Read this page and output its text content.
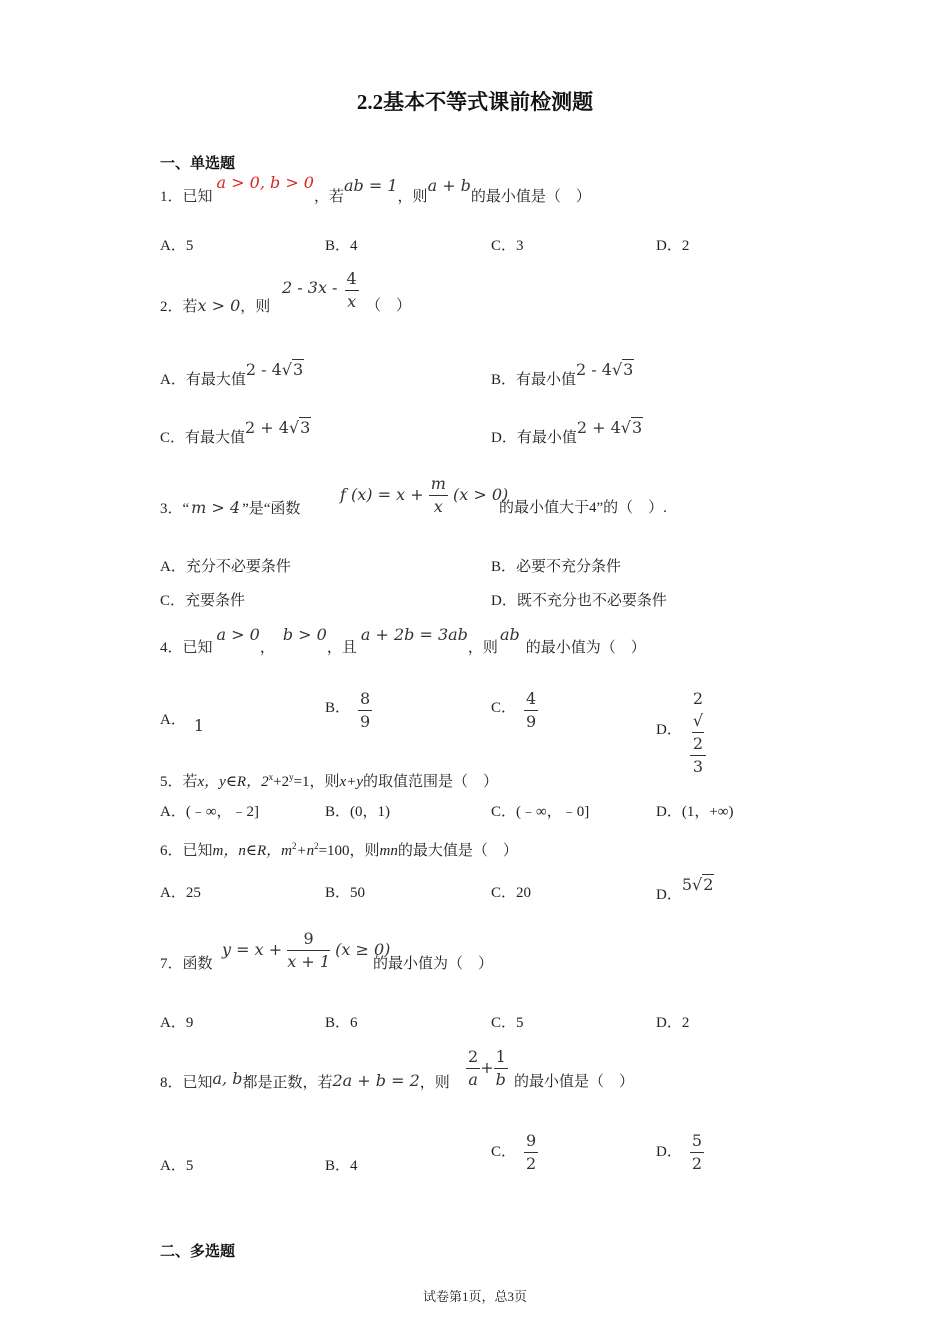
2.2基本不等式课前检测题
一、单选题
1．已知a > 0, b > 0，若ab = 1，则a + b的最小值是（　）
A．5	B．4	C．3	D．2
2．若x > 0，则
$2 - 3x - \frac{4}{x}$ （　）
A．有最大值2 - 4√3
B．有最小值2 - 4√3
C．有最大值2 + 4√3
D．有最小值2 + 4√3
3．“ m > 4 ”是“函数
f $(x) = x + \frac{m}{x} (x > 0)$
的最小值大于4”的（　）.
A．充分不必要条件	B．必要不充分条件
C．充要条件	D．既不充分也不必要条件
4．已知a > 0，b > 0，且a + 2b = 3ab，则ab的最小值为（　）
A． 1
B． $\frac{8}{9}$	C． $\frac{4}{9}$	D． 2
√
2
3
5．若x，y∈R，$2^x+2^y=1$，则x+y的取值范围是（　）
A．(﹣∞，﹣2]	B．(0，1)	C．(﹣∞，﹣0]	D．(1，+∞)
6．已知m，n∈R，$m^2+n^2=100$，则mn的最大值是（　）
A．25	B．50	C．20	D．5√2
7．函数
$y = x + \frac{9}{x + 1} (x \ge 0)$
的最小值为（　）
A．9	B．6	C．5	D．2
8．已知a, b都是正数，若2a + b = 2，则 $\frac{2}{a} + \frac{1}{b}$ 的最小值是（　）
A．5	B．4
C． $\frac{9}{2}$	D． $\frac{5}{2}$
二、多选题
试卷第1页，总3页
